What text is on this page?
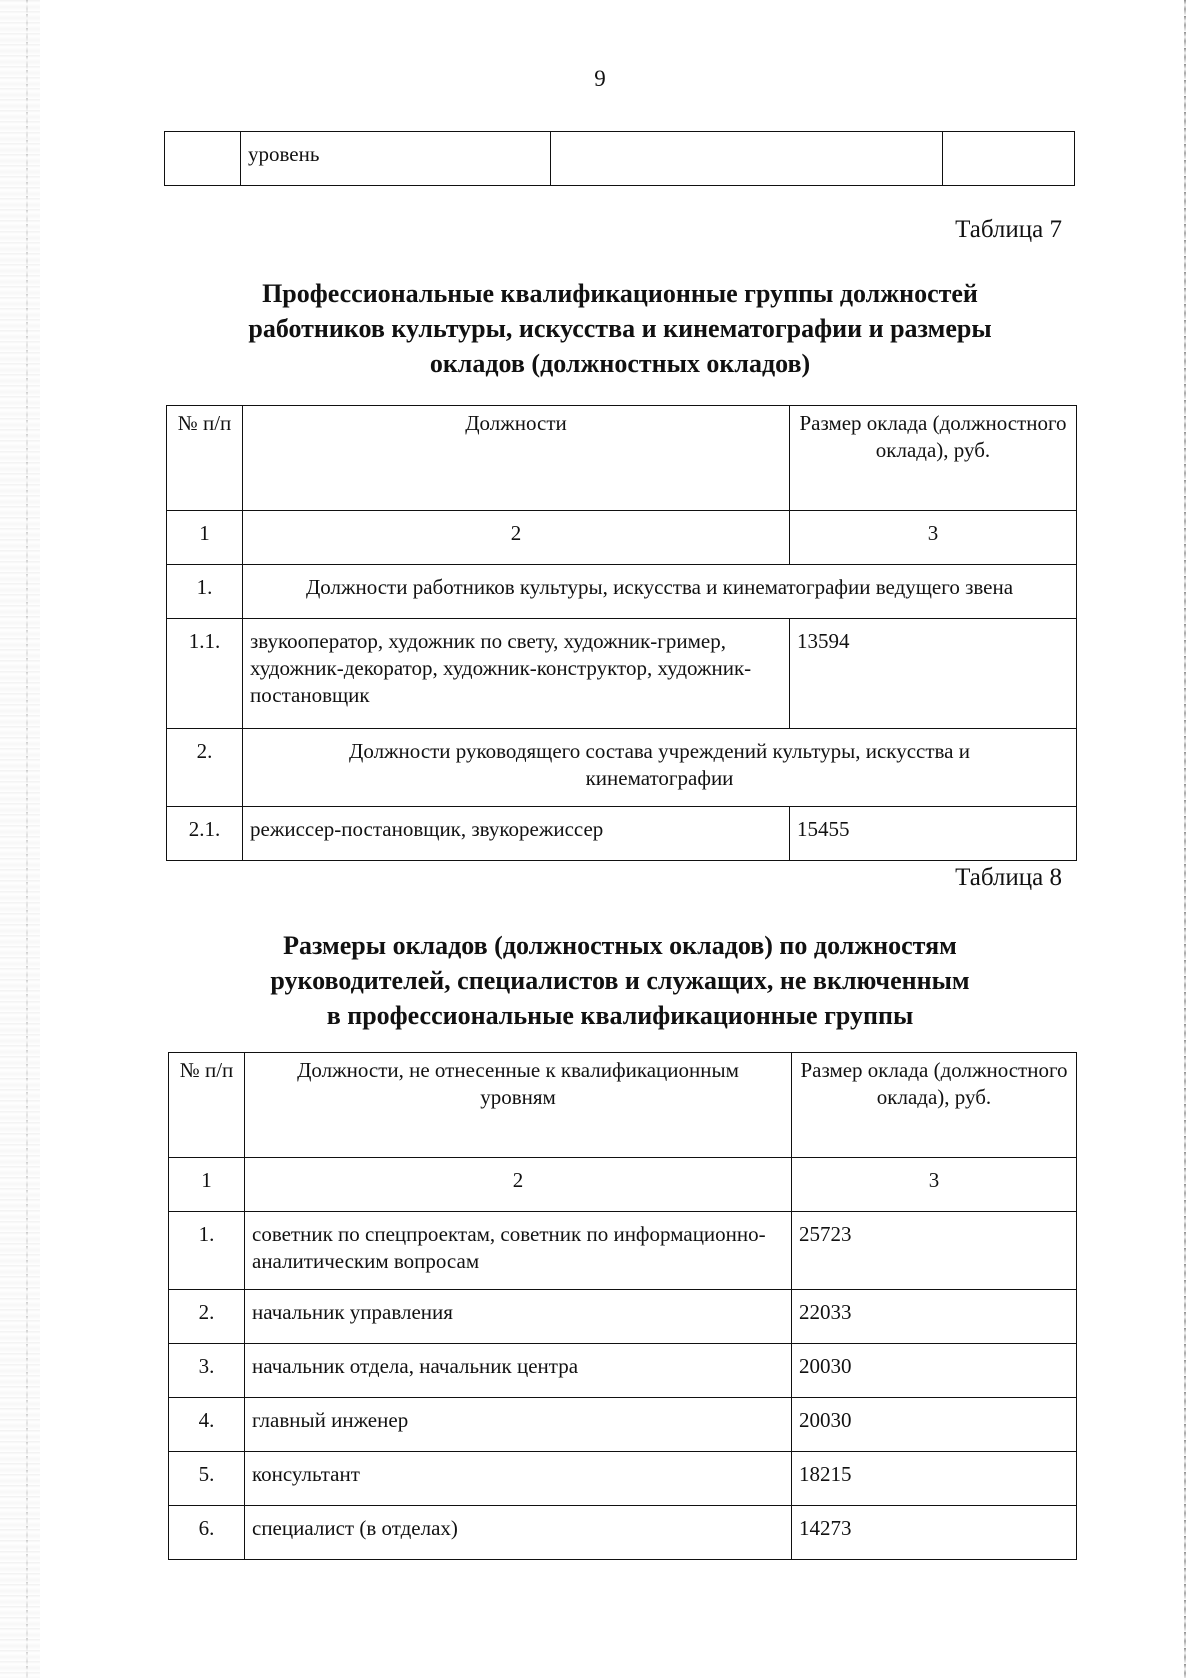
9
	уровень		
Таблица 7
Профессиональные квалификационные группы должностей
работников культуры, искусства и кинематографии и размеры
окладов (должностных окладов)
№ п/п	Должности	Размер оклада (должностного оклада), руб.
1	2	3
1.	Должности работников культуры, искусства и кинематографии ведущего звена	
1.1.	звукооператор, художник по свету, художник-гример, художник-декоратор, художник-конструктор, художник-постановщик	13594
2.	Должности руководящего состава учреждений культуры, искусства и кинематографии	
2.1.	режиссер-постановщик, звукорежиссер	15455
Таблица 8
Размеры окладов (должностных окладов) по должностям
руководителей, специалистов и служащих, не включенным
в профессиональные квалификационные группы
№ п/п	Должности, не отнесенные к квалификационным уровням	Размер оклада (должностного оклада), руб.
1	2	3
1.	советник по спецпроектам, советник по информационно-аналитическим вопросам	25723
2.	начальник управления	22033
3.	начальник отдела, начальник центра	20030
4.	главный инженер	20030
5.	консультант	18215
6.	специалист (в отделах)	14273
